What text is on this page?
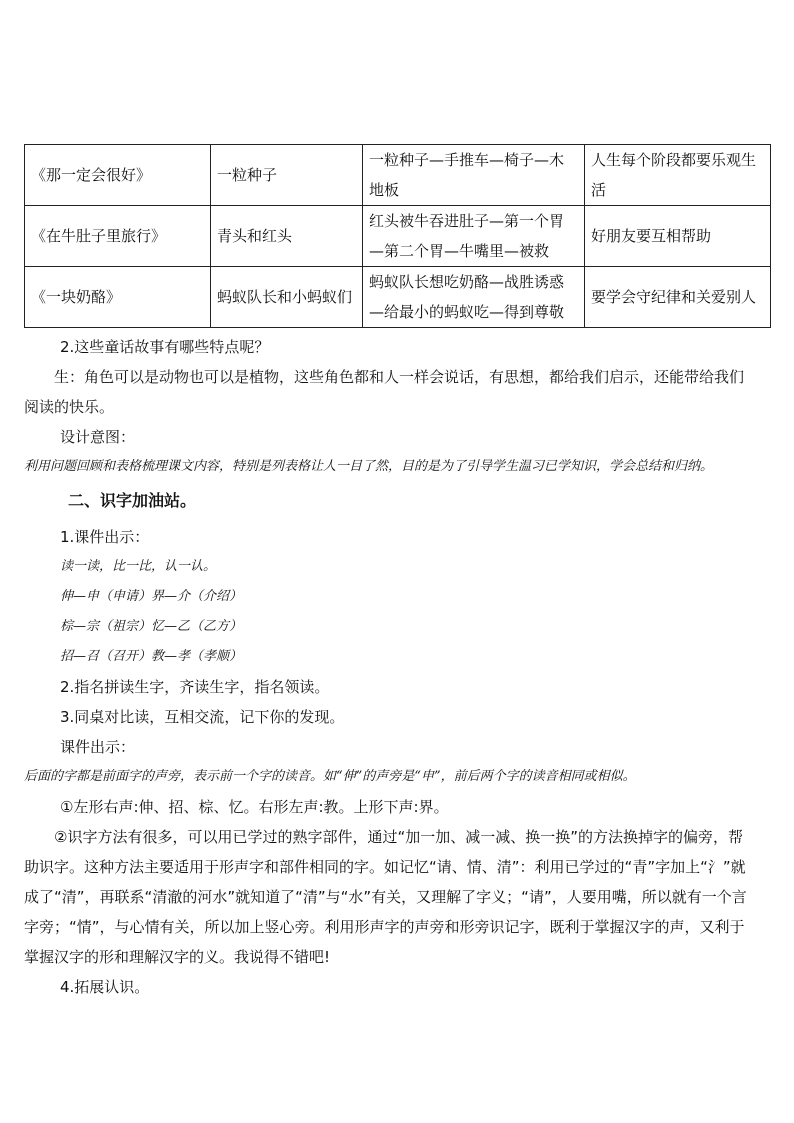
《那一定会很好》	一粒种子	一粒种子—手推车—椅子—木地板	人生每个阶段都要乐观生活
《在牛肚子里旅行》	青头和红头	红头被牛吞进肚子—第一个胃—第二个胃—牛嘴里—被救	好朋友要互相帮助
《一块奶酪》	蚂蚁队长和小蚂蚁们	蚂蚁队长想吃奶酪—战胜诱惑—给最小的蚂蚁吃—得到尊敬	要学会守纪律和关爱别人

2.这些童话故事有哪些特点呢？

生：角色可以是动物也可以是植物，这些角色都和人一样会说话，有思想，都给我们启示，还能带给我们阅读的快乐。

设计意图：

利用问题回顾和表格梳理课文内容，特别是列表格让人一目了然，目的是为了引导学生温习已学知识，学会总结和归纳。

二、识字加油站。

1.课件出示：

读一读，比一比，认一认。

伸—申（申请）界—介（介绍）

棕—宗（祖宗）忆—乙（乙方）

招—召（召开）教—孝（孝顺）

2.指名拼读生字，齐读生字，指名领读。

3.同桌对比读，互相交流，记下你的发现。

课件出示：

后面的字都是前面字的声旁，表示前一个字的读音。如“伸”的声旁是“申”，前后两个字的读音相同或相似。

①左形右声:伸、招、棕、忆。右形左声:教。上形下声:界。

②识字方法有很多，可以用已学过的熟字部件，通过“加一加、减一减、换一换”的方法换掉字的偏旁，帮助识字。这种方法主要适用于形声字和部件相同的字。如记忆“请、情、清”：利用已学过的“青”字加上“氵”就成了“清”，再联系“清澈的河水”就知道了“清”与“水”有关，又理解了字义；“请”，人要用嘴，所以就有一个言字旁；“情”，与心情有关，所以加上竖心旁。利用形声字的声旁和形旁识记字，既利于掌握汉字的声，又利于掌握汉字的形和理解汉字的义。我说得不错吧!

4.拓展认识。
